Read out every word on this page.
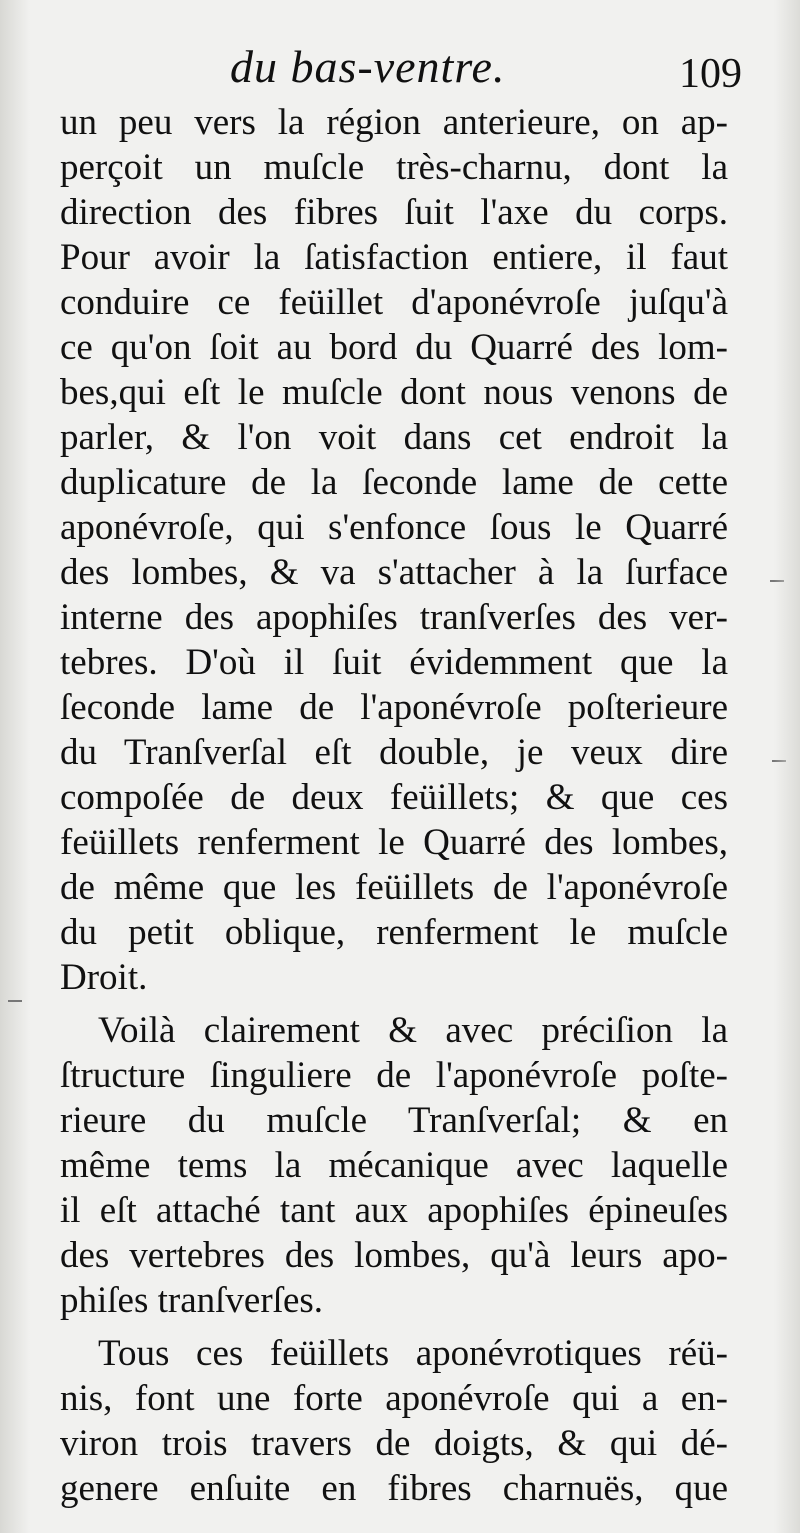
du bas-ventre.	109
un peu vers la région anterieure, on ap-
perçoit un muſcle très-charnu, dont la
direction des fibres ſuit l'axe du corps.
Pour avoir la ſatisfaction entiere, il faut
conduire ce feüillet d'aponévroſe juſqu'à
ce qu'on ſoit au bord du Quarré des lom-
bes,qui eſt le muſcle dont nous venons de
parler, & l'on voit dans cet endroit la
duplicature de la ſeconde lame de cette
aponévroſe, qui s'enfonce ſous le Quarré
des lombes, & va s'attacher à la ſurface
interne des apophiſes tranſverſes des ver-
tebres. D'où il ſuit évidemment que la
ſeconde lame de l'aponévroſe poſterieure
du Tranſverſal eſt double, je veux dire
compoſée de deux feüillets; & que ces
feüillets renferment le Quarré des lombes,
de même que les feüillets de l'aponévroſe
du petit oblique, renferment le muſcle
Droit.
Voilà clairement & avec préciſion la
ſtructure ſinguliere de l'aponévroſe poſte-
rieure du muſcle Tranſverſal; & en
même tems la mécanique avec laquelle
il eſt attaché tant aux apophiſes épineuſes
des vertebres des lombes, qu'à leurs apo-
phiſes tranſverſes.
Tous ces feüillets aponévrotiques réü-
nis, font une forte aponévroſe qui a en-
viron trois travers de doigts, & qui dé-
genere enſuite en fibres charnuës, que
